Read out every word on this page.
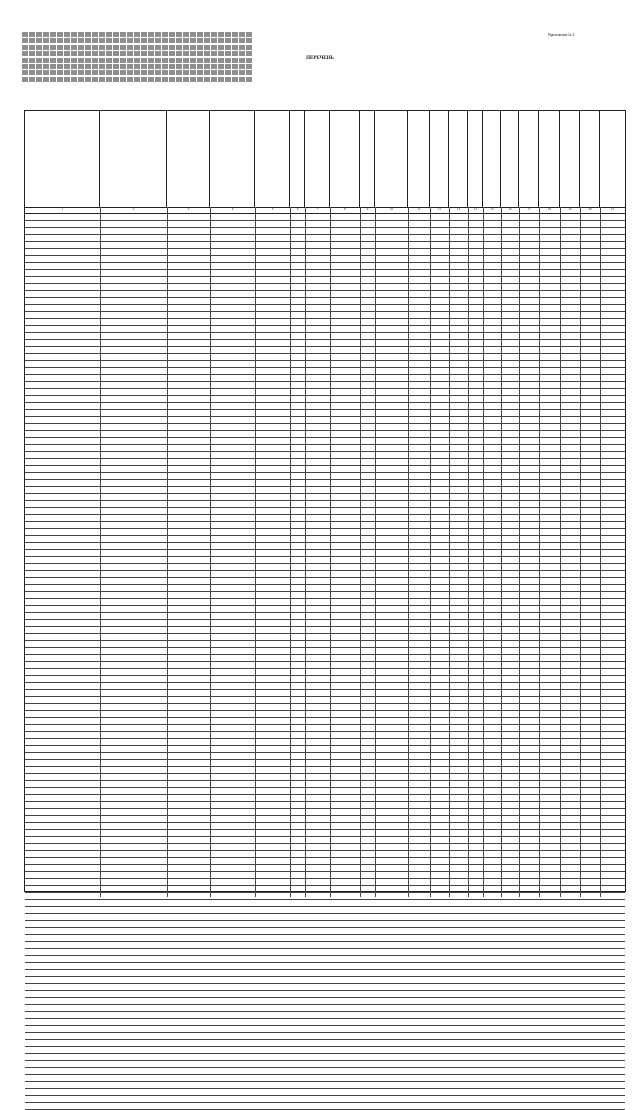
Приложение № 2
ПЕРЕЧЕНЬ
1	2	3	4	5	6	7	8	9	10	11	12	13	14	15	16	17	18	19	20	21
